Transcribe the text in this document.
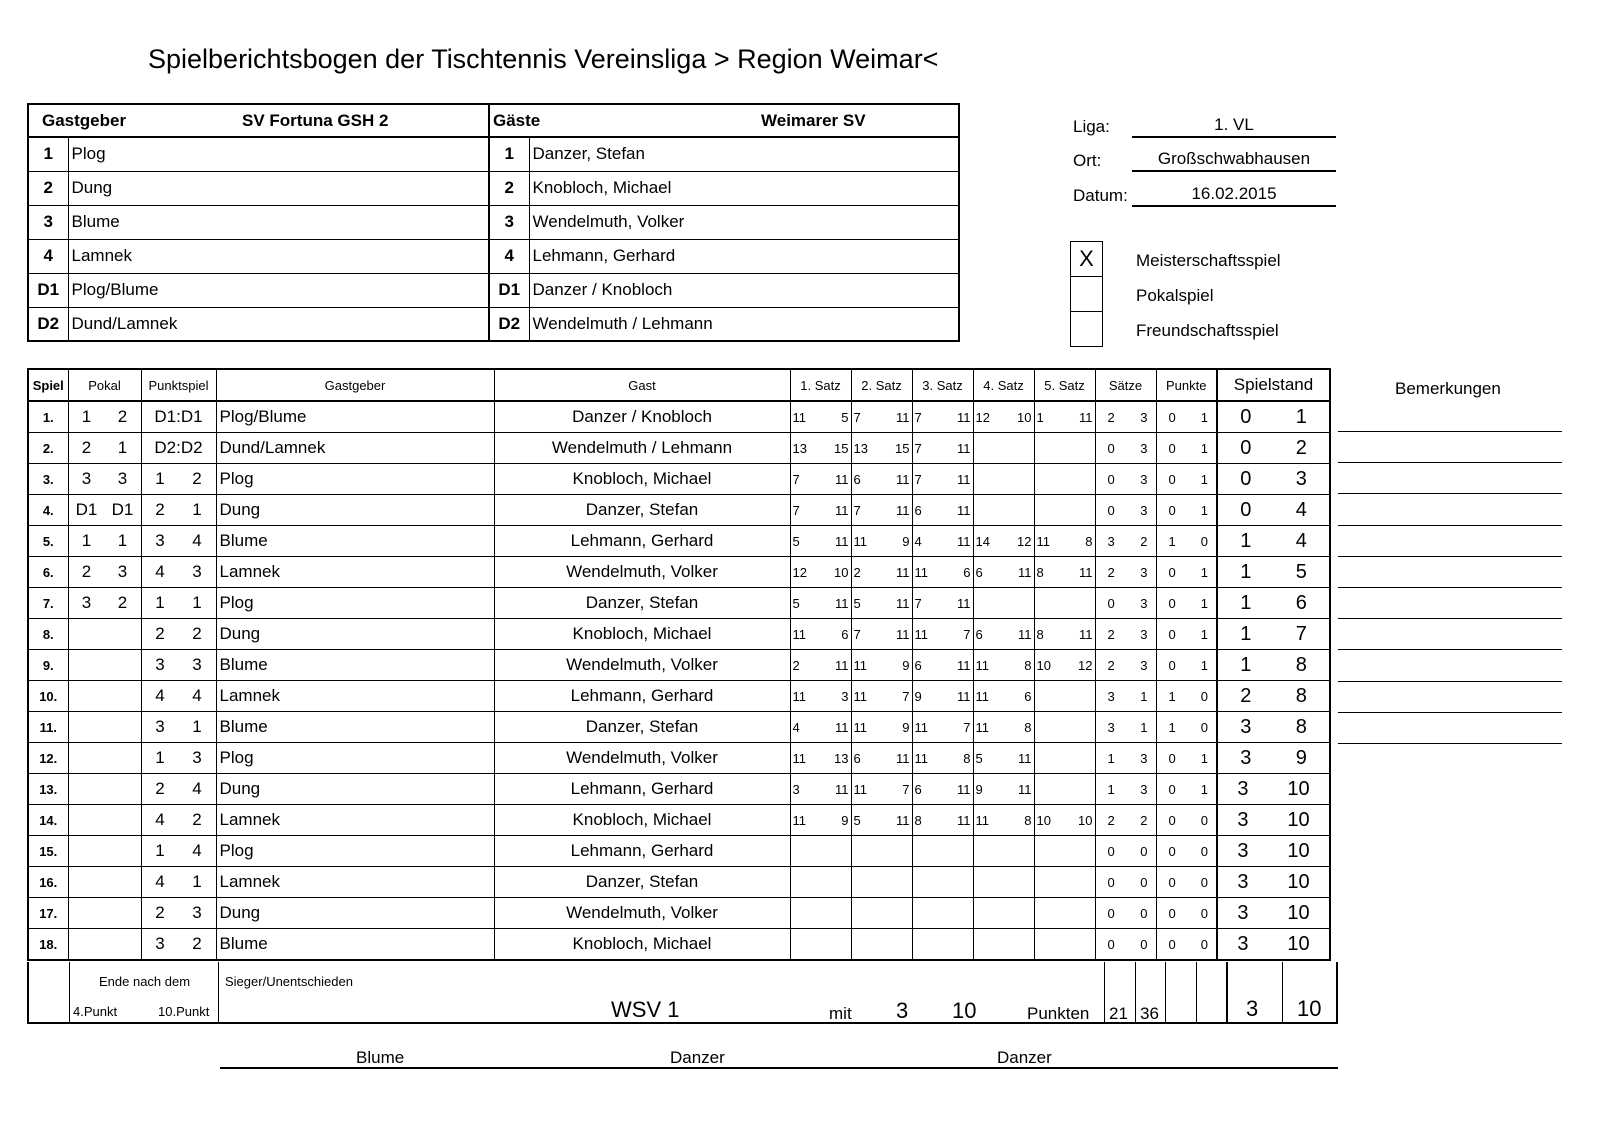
Spielberichtsbogen der Tischtennis Vereinsliga > Region Weimar<
Gastgeber SV Fortuna GSH 2		Gäste Weimarer SV	
1	Plog	1	Danzer, Stefan
2	Dung	2	Knobloch, Michael
3	Blume	3	Wendelmuth, Volker
4	Lamnek	4	Lehmann, Gerhard
D1	Plog/Blume	D1	Danzer / Knobloch
D2	Dund/Lamnek	D2	Wendelmuth / Lehmann
Liga:	1. VL
Ort:	Großschwabhausen
Datum:	16.02.2015
X	Meisterschaftsspiel
Pokalspiel
Freundschaftsspiel
Spiel	Pokal	Punktspiel	Gastgeber	Gast	1. Satz	2. Satz	3. Satz	4. Satz	5. Satz	Sätze	Punkte	Spielstand
1.	1 2	D1:D1	Plog/Blume	Danzer / Knobloch	11 5	7 11	7 11	12 10	1 11	2 3	0 1	0 1

2.	2 1	D2:D2	Dund/Lamnek	Wendelmuth / Lehmann	13 15	13 15	7 11			0 3	0 1	0 2

3.	3 3	1 2	Plog	Knobloch, Michael	7 11	6 11	7 11			0 3	0 1	0 3

4.	D1 D1	2 1	Dung	Danzer, Stefan	7 11	7 11	6 11			0 3	0 1	0 4

5.	1 1	3 4	Blume	Lehmann, Gerhard	5 11	11 9	4 11	14 12	11 8	3 2	1 0	1 4

6.	2 3	4 3	Lamnek	Wendelmuth, Volker	12 10	2 11	11 6	6 11	8 11	2 3	0 1	1 5

7.	3 2	1 1	Plog	Danzer, Stefan	5 11	5 11	7 11			0 3	0 1	1 6

8.		2 2	Dung	Knobloch, Michael	11 6	7 11	11 7	6 11	8 11	2 3	0 1	1 7

9.		3 3	Blume	Wendelmuth, Volker	2 11	11 9	6 11	11 8	10 12	2 3	0 1	1 8

10.		4 4	Lamnek	Lehmann, Gerhard	11 3	11 7	9 11	11 6		3 1	1 0	2 8

11.		3 1	Blume	Danzer, Stefan	4 11	11 9	11 7	11 8		3 1	1 0	3 8

12.		1 3	Plog	Wendelmuth, Volker	11 13	6 11	11 8	5 11		1 3	0 1	3 9

13.		2 4	Dung	Lehmann, Gerhard	3 11	11 7	6 11	9 11		1 3	0 1	3 10

14.		4 2	Lamnek	Knobloch, Michael	11 9	5 11	8 11	11 8	10 10	2 2	0 0	3 10

15.		1 4	Plog	Lehmann, Gerhard						0 0	0 0	3 10

16.		4 1	Lamnek	Danzer, Stefan						0 0	0 0	3 10

17.		2 3	Dung	Wendelmuth, Volker						0 0	0 0	3 10

18.		3 2	Blume	Knobloch, Michael						0 0	0 0	3 10
Bemerkungen
Ende nach dem
4.Punkt	10.Punkt
Sieger/Unentschieden
WSV 1	mit 3 10	Punkten 21 36	3 10
Blume	Danzer	Danzer
